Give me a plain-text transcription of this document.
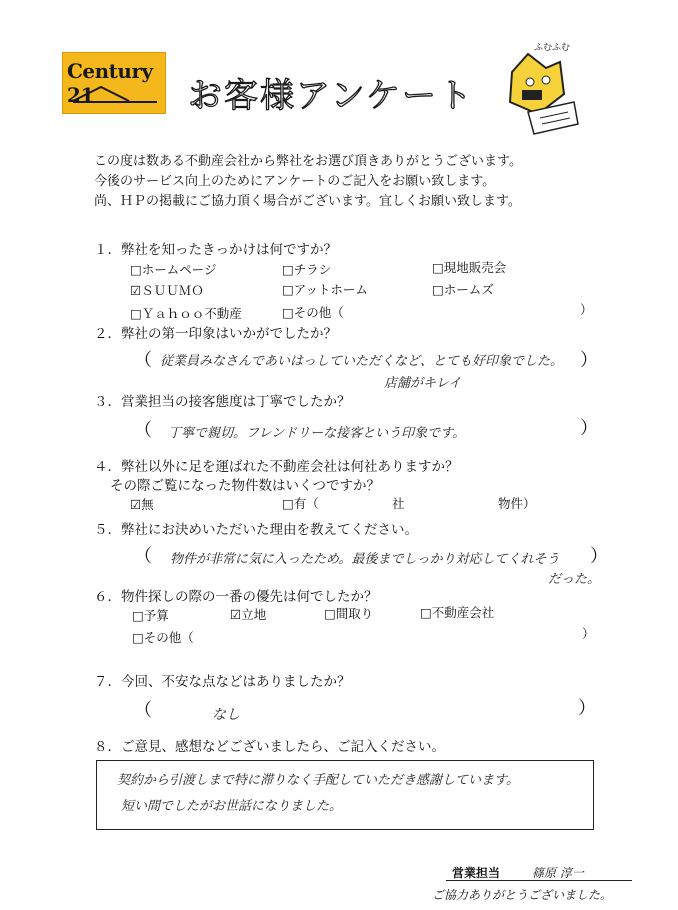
Century 21	お客様アンケート
ふむふむ
この度は数ある不動産会社から弊社をお選び頂きありがとうございます。
今後のサービス向上のためにアンケートのご記入をお願い致します。
尚、ＨＰの掲載にご協力頂く場合がございます。宜しくお願い致します。
１．弊社を知ったきっかけは何ですか？
□ホームページ	□チラシ	□現地販売会
☑ＳＵＵＭＯ	□アットホーム	□ホームズ
□Ｙａｈｏｏ不動産	□その他（	）
２．弊社の第一印象はいかがでしたか？
（ 従業員みなさんであいはっしていただくなど、とても好印象でした。
店舗がキレイ
）
３．営業担当の接客態度は丁寧でしたか？
（ 丁寧で親切。フレンドリーな接客という印象です。	）
４．弊社以外に足を運ばれた不動産会社は何社ありますか？
その際ご覧になった物件数はいくつですか？
☑無	□有（	社	物件）
５．弊社にお決めいただいた理由を教えてください。
（ 物件が非常に気に入ったため。最後までしっかり対応してくれそう
だった。
）
６．物件探しの際の一番の優先は何でしたか？
□予算	☑立地	□間取り	□不動産会社
□その他（	）
７．今回、不安な点などはありましたか？
（	なし	）
８．ご意見、感想などございましたら、ご記入ください。
契約から引渡しまで特に滞りなく手配していただき感謝しています。
短い間でしたがお世話になりました。
営業担当	篠原 淳一
ご協力ありがとうございました。
